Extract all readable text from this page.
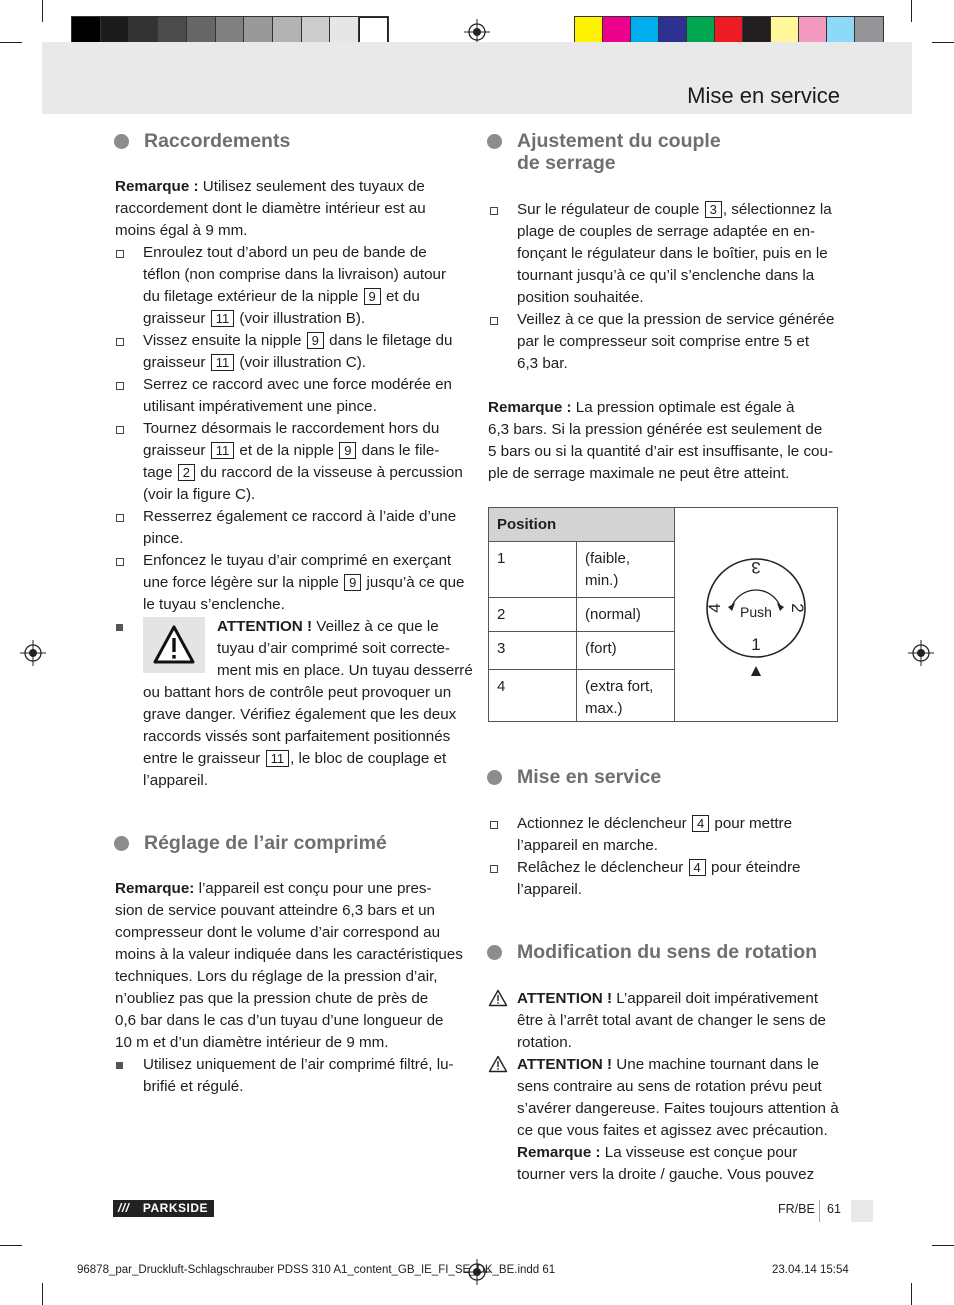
Mise en service
Raccordements
Remarque : Utilisez seulement des tuyaux de
raccordement dont le diamètre intérieur est au
moins égal à 9 mm.
Enroulez tout d’abord un peu de bande de
téflon (non comprise dans la livraison) autour
du filetage extérieur de la nipple 9 et du
graisseur 11 (voir illustration B).
Vissez ensuite la nipple 9 dans le filetage du
graisseur 11 (voir illustration C).
Serrez ce raccord avec une force modérée en
utilisant impérativement une pince.
Tournez désormais le raccordement hors du
graisseur 11 et de la nipple 9 dans le file-
tage 2 du raccord de la visseuse à percussion
(voir la figure C).
Resserrez également ce raccord à l’aide d’une
pince.
Enfoncez le tuyau d’air comprimé en exerçant
une force légère sur la nipple 9 jusqu’à ce que
le tuyau s’enclenche.
ATTENTION ! Veillez à ce que le
tuyau d’air comprimé soit correcte-
ment mis en place. Un tuyau desserré
ou battant hors de contrôle peut provoquer un
grave danger. Vérifiez également que les deux
raccords vissés sont parfaitement positionnés
entre le graisseur 11 , le bloc de couplage et
l’appareil.
Réglage de l’air comprimé
Remarque: l’appareil est conçu pour une pres-
sion de service pouvant atteindre 6,3 bars et un
compresseur dont le volume d’air correspond au
moins à la valeur indiquée dans les caractéristiques
techniques. Lors du réglage de la pression d’air,
n’oubliez pas que la pression chute de près de
0,6 bar dans le cas d’un tuyau d’une longueur de
10 m et d’un diamètre intérieur de 9 mm.
Utilisez uniquement de l’air comprimé filtré, lu-
brifié et régulé.
Ajustement du couple
de serrage
Sur le régulateur de couple 3 , sélectionnez la
plage de couples de serrage adaptée en en-
fonçant le régulateur dans le boîtier, puis en le
tournant jusqu’à ce qu’il s’enclenche dans la
position souhaitée.
Veillez à ce que la pression de service générée
par le compresseur soit comprise entre 5 et
6,3 bar.
Remarque : La pression optimale est égale à
6,3 bars. Si la pression générée est seulement de
5 bars ou si la quantité d’air est insuffisante, le cou-
ple de serrage maximale ne peut être atteint.
Position
1	(faible,
min.)
2	(normal)
3	(fort)
4	(extra fort,
max.)
Push
1
3
2
4
Mise en service
Actionnez le déclencheur 4 pour mettre
l’appareil en marche.
Relâchez le déclencheur 4 pour éteindre
l’appareil.
Modification du sens de rotation
ATTENTION ! L’appareil doit impérativement
être à l’arrêt total avant de changer le sens de
rotation.
ATTENTION ! Une machine tournant dans le
sens contraire au sens de rotation prévu peut
s’avérer dangereuse. Faites toujours attention à
ce que vous faites et agissez avec précaution.
Remarque : La visseuse est conçue pour
tourner vers la droite / gauche. Vous pouvez
/// PARKSIDE	FR/BE 61
96878_par_Druckluft-Schlagschrauber PDSS 310 A1_content_GB_IE_FI_SE_DK_BE.indd 61	23.04.14 15:54
